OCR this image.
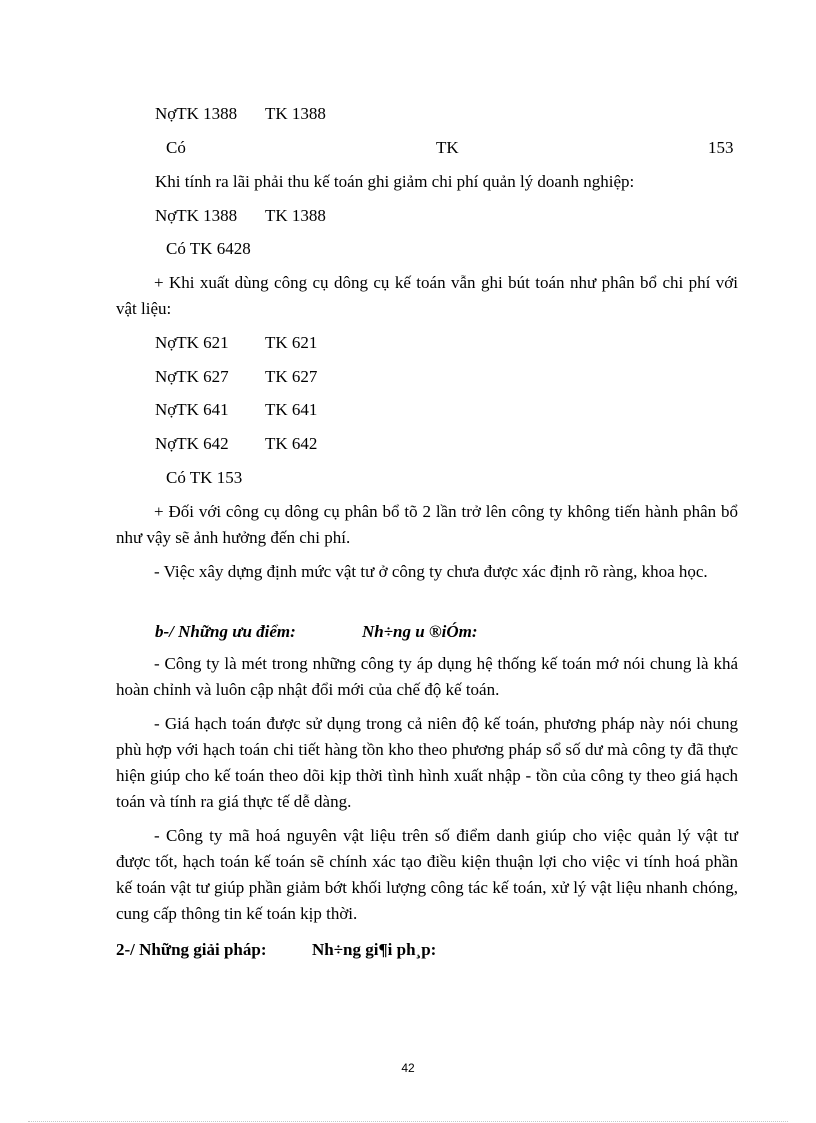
NợTK 1388 TK 1388
Có	TK	153
Khi tính ra lãi phải thu kế toán ghi giảm chi phí quản lý doanh nghiệp:
NợTK 1388 TK 1388
Có TK 6428
+ Khi xuất dùng công cụ dông cụ kế toán vẫn ghi bút toán như phân bổ chi phí với vật liệu:
NợTK 621 TK 621
NợTK 627 TK 627
NợTK 641 TK 641
NợTK 642 TK 642
Có TK 153
+ Đối với công cụ dông cụ phân bổ tõ 2 lần trở lên công ty không tiến hành phân bổ như vậy sẽ ảnh hưởng đến chi phí.
- Việc xây dựng định mức vật tư ở công ty chưa được xác định rõ ràng, khoa học.
b-/ Những ưu điểm:	Nh÷ng u ®iÓm:
- Công ty là mét trong những công ty áp dụng hệ thống kế toán mớ nói chung là khá hoàn chỉnh và luôn cập nhật đổi mới của chế độ kế toán.
- Giá hạch toán được sử dụng trong cả niên độ kế toán, phương pháp này nói chung phù hợp với hạch toán chi tiết hàng tồn kho theo phương pháp sổ số dư mà công ty đã thực hiện giúp cho kế toán theo dõi kịp thời tình hình xuất nhập - tồn của công ty theo giá hạch toán và tính ra giá thực tế dễ dàng.
- Công ty mã hoá nguyên vật liệu trên số điểm danh giúp cho việc quản lý vật tư được tốt, hạch toán kế toán sẽ chính xác tạo điều kiện thuận lợi cho việc vi tính hoá phần kế toán vật tư giúp phần giảm bớt khối lượng công tác kế toán, xử lý vật liệu nhanh chóng, cung cấp thông tin kế toán kịp thời.
2-/ Những giải pháp:	Nh÷ng gi¶i ph¸p:
42
